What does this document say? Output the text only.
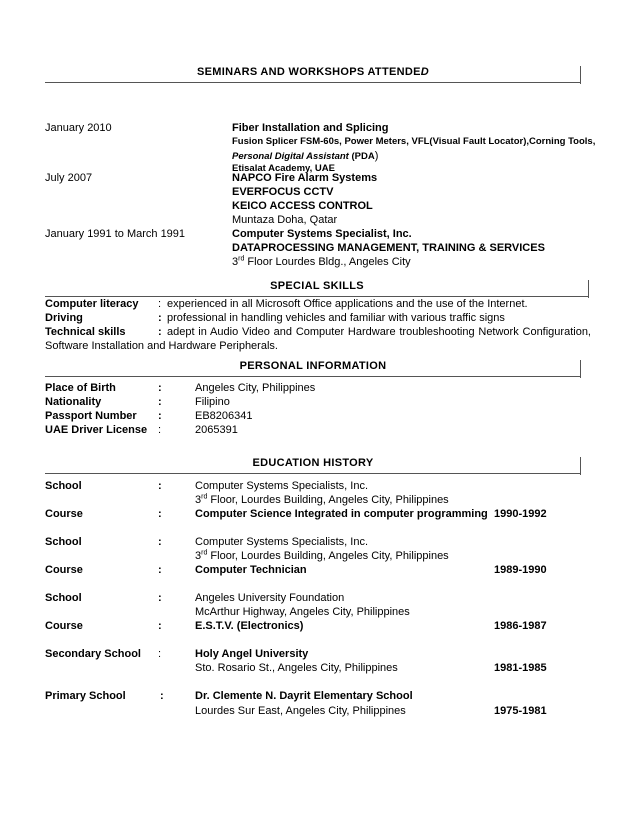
SEMINARS AND WORKSHOPS ATTENDED
January 2010	Fiber Installation and Splicing
Fusion Splicer FSM-60s, Power Meters, VFL(Visual Fault Locator),Corning Tools,
Personal Digital Assistant (PDA)
Etisalat Academy, UAE
July 2007	NAPCO Fire Alarm Systems
EVERFOCUS CCTV
KEICO ACCESS CONTROL
Muntaza Doha, Qatar
January 1991 to March 1991	Computer Systems Specialist, Inc.
DATAPROCESSING MANAGEMENT, TRAINING & SERVICES
3rd Floor Lourdes Bldg., Angeles City
SPECIAL SKILLS
Computer literacy : experienced in all Microsoft Office applications and the use of the Internet.
Driving	: professional in handling vehicles and familiar with various traffic signs
Technical skills	: adept in Audio Video and Computer Hardware troubleshooting Network Configuration,
Software Installation and Hardware Peripherals.
PERSONAL INFORMATION
Place of Birth	:	Angeles City, Philippines
Nationality	:	Filipino
Passport Number :	EB8206341
UAE Driver License :	2065391
EDUCATION HISTORY
School	:	Computer Systems Specialists, Inc.
3rd Floor, Lourdes Building, Angeles City, Philippines
Course	:	Computer Science Integrated in computer programming 1990-1992
School	:	Computer Systems Specialists, Inc.
3rd Floor, Lourdes Building, Angeles City, Philippines
Course	:	Computer Technician	1989-1990
School	:	Angeles University Foundation
McArthur Highway, Angeles City, Philippines
Course	:	E.S.T.V. (Electronics)	1986-1987
Secondary School :	Holy Angel University
Sto. Rosario St., Angeles City, Philippines	1981-1985
Primary School	:	Dr. Clemente N. Dayrit Elementary School
Lourdes Sur East, Angeles City, Philippines	1975-1981
